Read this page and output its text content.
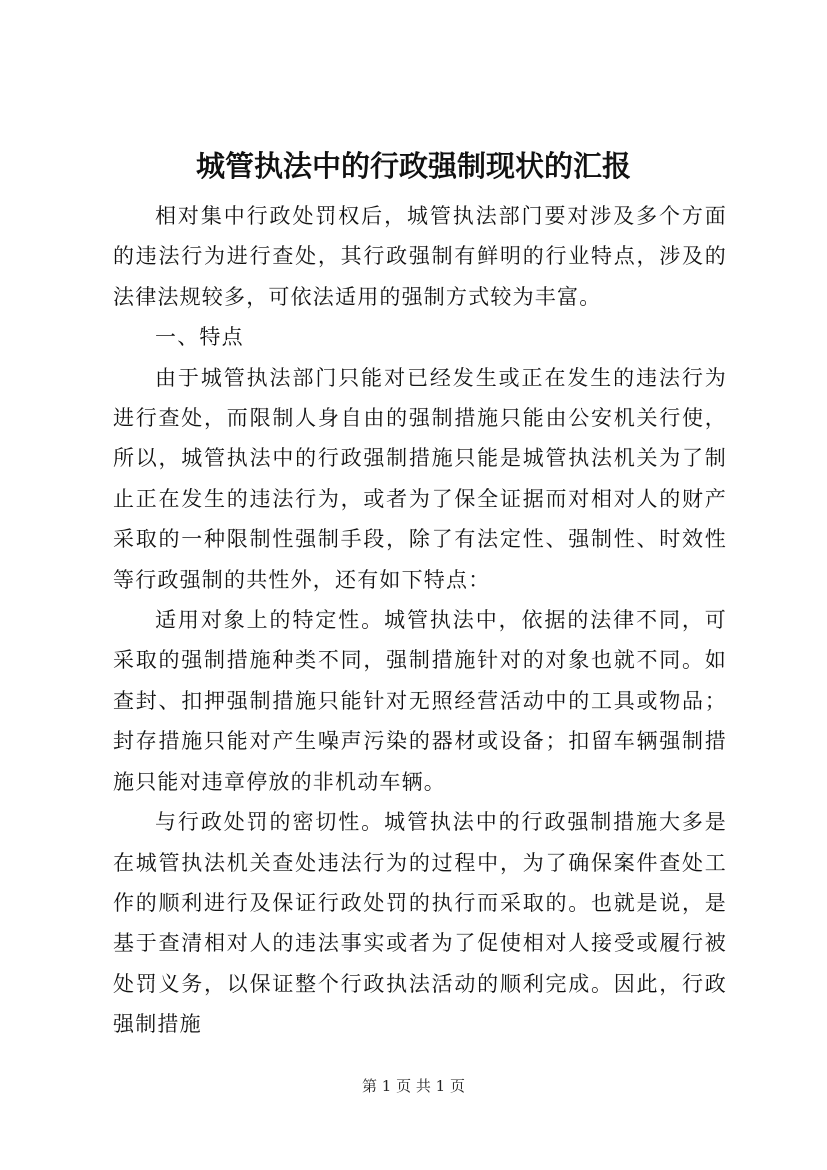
城管执法中的行政强制现状的汇报

相对集中行政处罚权后，城管执法部门要对涉及多个方面的违法行为进行查处，其行政强制有鲜明的行业特点，涉及的法律法规较多，可依法适用的强制方式较为丰富。

一、特点

由于城管执法部门只能对已经发生或正在发生的违法行为进行查处，而限制人身自由的强制措施只能由公安机关行使，所以，城管执法中的行政强制措施只能是城管执法机关为了制止正在发生的违法行为，或者为了保全证据而对相对人的财产采取的一种限制性强制手段，除了有法定性、强制性、时效性等行政强制的共性外，还有如下特点：

适用对象上的特定性。城管执法中，依据的法律不同，可采取的强制措施种类不同，强制措施针对的对象也就不同。如查封、扣押强制措施只能针对无照经营活动中的工具或物品；封存措施只能对产生噪声污染的器材或设备；扣留车辆强制措施只能对违章停放的非机动车辆。

与行政处罚的密切性。城管执法中的行政强制措施大多是在城管执法机关查处违法行为的过程中，为了确保案件查处工作的顺利进行及保证行政处罚的执行而采取的。也就是说，是基于查清相对人的违法事实或者为了促使相对人接受或履行被处罚义务，以保证整个行政执法活动的顺利完成。因此，行政强制措施

第 1 页 共 1 页
